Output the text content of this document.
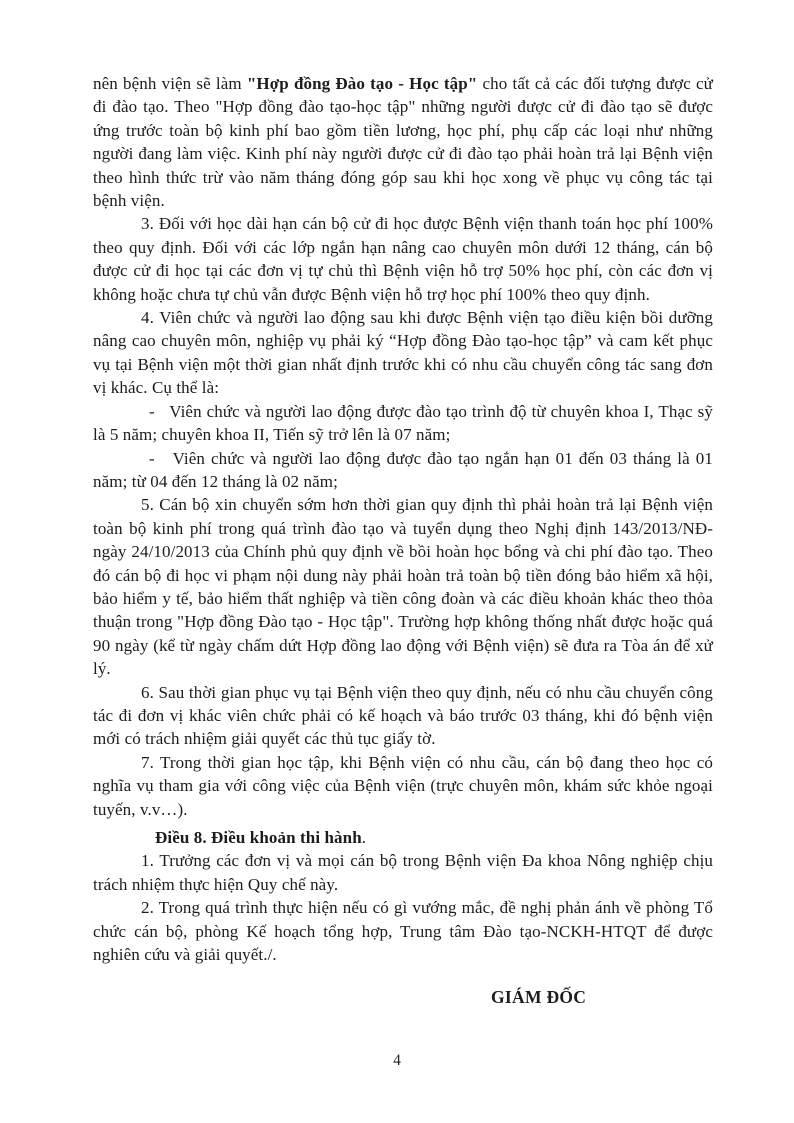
nên bệnh viện sẽ làm "Hợp đồng Đào tạo - Học tập" cho tất cả các đối tượng được cử đi đào tạo. Theo "Hợp đồng đào tạo-học tập" những người được cử đi đào tạo sẽ được ứng trước toàn bộ kinh phí bao gồm tiền lương, học phí, phụ cấp các loại như những người đang làm việc. Kinh phí này người được cử đi đào tạo phải hoàn trả lại Bệnh viện theo hình thức trừ vào năm tháng đóng góp sau khi học xong về phục vụ công tác tại bệnh viện.

3. Đối với học dài hạn cán bộ cử đi học được Bệnh viện thanh toán học phí 100% theo quy định. Đối với các lớp ngắn hạn nâng cao chuyên môn dưới 12 tháng, cán bộ được cử đi học tại các đơn vị tự chủ thì Bệnh viện hỗ trợ 50% học phí, còn các đơn vị không hoặc chưa tự chủ vẫn được Bệnh viện hỗ trợ học phí 100% theo quy định.

4. Viên chức và người lao động sau khi được Bệnh viện tạo điều kiện bồi dưỡng nâng cao chuyên môn, nghiệp vụ phải ký “Hợp đồng Đào tạo-học tập” và cam kết phục vụ tại Bệnh viện một thời gian nhất định trước khi có nhu cầu chuyển công tác sang đơn vị khác. Cụ thể là:

-   Viên chức và người lao động được đào tạo trình độ từ chuyên khoa I, Thạc sỹ là 5 năm; chuyên khoa II, Tiến sỹ trở lên là 07 năm;

-   Viên chức và người lao động được đào tạo ngắn hạn 01 đến 03 tháng là 01 năm; từ 04 đến 12 tháng là 02 năm;

5. Cán bộ xin chuyển sớm hơn thời gian quy định thì phải hoàn trả lại Bệnh viện toàn bộ kinh phí trong quá trình đào tạo và tuyển dụng theo Nghị định 143/2013/NĐ-ngày 24/10/2013 của Chính phủ quy định về bồi hoàn học bổng và chi phí đào tạo. Theo đó cán bộ đi học vi phạm nội dung này phải hoàn trả toàn bộ tiền đóng bảo hiểm xã hội, bảo hiểm y tế, bảo hiểm thất nghiệp và tiền công đoàn và các điều khoản khác theo thỏa thuận trong "Hợp đồng Đào tạo - Học tập". Trường hợp không thống nhất được hoặc quá 90 ngày (kể từ ngày chấm dứt Hợp đồng lao động với Bệnh viện) sẽ đưa ra Tòa án để xử lý.

6. Sau thời gian phục vụ tại Bệnh viện theo quy định, nếu có nhu cầu chuyển công tác đi đơn vị khác viên chức phải có kế hoạch và báo trước 03 tháng, khi đó bệnh viện mới có trách nhiệm giải quyết các thủ tục giấy tờ.

7. Trong thời gian học tập, khi Bệnh viện có nhu cầu, cán bộ đang theo học có nghĩa vụ tham gia với công việc của Bệnh viện (trực chuyên môn, khám sức khỏe ngoại tuyến, v.v…).

Điều 8. Điều khoản thi hành.

1. Trưởng các đơn vị và mọi cán bộ trong Bệnh viện Đa khoa Nông nghiệp chịu trách nhiệm thực hiện Quy chế này.

2. Trong quá trình thực hiện nếu có gì vướng mắc, đề nghị phản ánh về phòng Tổ chức cán bộ, phòng Kế hoạch tổng hợp, Trung tâm Đào tạo-NCKH-HTQT để được nghiên cứu và giải quyết./.

GIÁM ĐỐC
4
